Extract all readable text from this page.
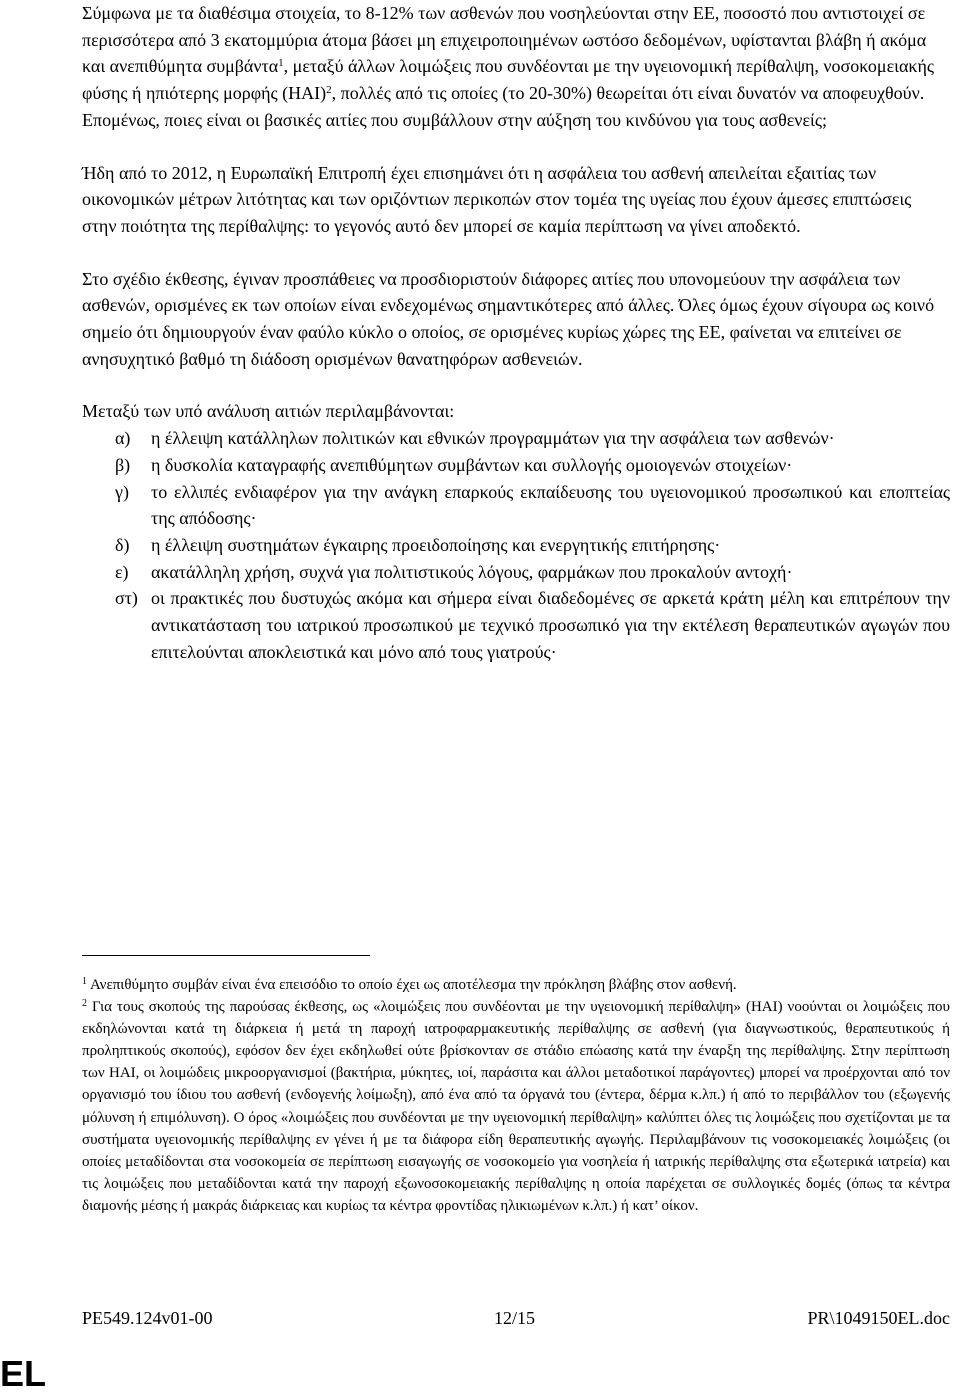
Σύμφωνα με τα διαθέσιμα στοιχεία, το 8-12% των ασθενών που νοσηλεύονται στην ΕΕ, ποσοστό που αντιστοιχεί σε περισσότερα από 3 εκατομμύρια άτομα βάσει μη επιχειροποιημένων ωστόσο δεδομένων, υφίστανται βλάβη ή ακόμα και ανεπιθύμητα συμβάντα$^1$, μεταξύ άλλων λοιμώξεις που συνδέονται με την υγειονομική περίθαλψη, νοσοκομειακής φύσης ή ηπιότερης μορφής (HAI)$^2$, πολλές από τις οποίες (το 20-30%) θεωρείται ότι είναι δυνατόν να αποφευχθούν.

Επομένως, ποιες είναι οι βασικές αιτίες που συμβάλλουν στην αύξηση του κινδύνου για τους ασθενείς;

Ήδη από το 2012, η Ευρωπαϊκή Επιτροπή έχει επισημάνει ότι η ασφάλεια του ασθενή απειλείται εξαιτίας των οικονομικών μέτρων λιτότητας και των οριζόντιων περικοπών στον τομέα της υγείας που έχουν άμεσες επιπτώσεις στην ποιότητα της περίθαλψης: το γεγονός αυτό δεν μπορεί σε καμία περίπτωση να γίνει αποδεκτό.

Στο σχέδιο έκθεσης, έγιναν προσπάθειες να προσδιοριστούν διάφορες αιτίες που υπονομεύουν την ασφάλεια των ασθενών, ορισμένες εκ των οποίων είναι ενδεχομένως σημαντικότερες από άλλες. Όλες όμως έχουν σίγουρα ως κοινό σημείο ότι δημιουργούν έναν φαύλο κύκλο ο οποίος, σε ορισμένες κυρίως χώρες της ΕΕ, φαίνεται να επιτείνει σε ανησυχητικό βαθμό τη διάδοση ορισμένων θανατηφόρων ασθενειών.

Μεταξύ των υπό ανάλυση αιτιών περιλαμβάνονται:

α)	η έλλειψη κατάλληλων πολιτικών και εθνικών προγραμμάτων για την ασφάλεια των ασθενών·
β)	η δυσκολία καταγραφής ανεπιθύμητων συμβάντων και συλλογής ομοιογενών στοιχείων·
γ)	το ελλιπές ενδιαφέρον για την ανάγκη επαρκούς εκπαίδευσης του υγειονομικού προσωπικού και εποπτείας της απόδοσης·
δ)	η έλλειψη συστημάτων έγκαιρης προειδοποίησης και ενεργητικής επιτήρησης·
ε)	ακατάλληλη χρήση, συχνά για πολιτιστικούς λόγους, φαρμάκων που προκαλούν αντοχή·
στ) οι πρακτικές που δυστυχώς ακόμα και σήμερα είναι διαδεδομένες σε αρκετά κράτη μέλη και επιτρέπουν την αντικατάσταση του ιατρικού προσωπικού με τεχνικό προσωπικό για την εκτέλεση θεραπευτικών αγωγών που επιτελούνται αποκλειστικά και μόνο από τους γιατρούς·

$^1$ Ανεπιθύμητο συμβάν είναι ένα επεισόδιο το οποίο έχει ως αποτέλεσμα την πρόκληση βλάβης στον ασθενή.

$^2$ Για τους σκοπούς της παρούσας έκθεσης, ως «λοιμώξεις που συνδέονται με την υγειονομική περίθαλψη» (HAI) νοούνται οι λοιμώξεις που εκδηλώνονται κατά τη διάρκεια ή μετά τη παροχή ιατροφαρμακευτικής περίθαλψης σε ασθενή (για διαγνωστικούς, θεραπευτικούς ή προληπτικούς σκοπούς), εφόσον δεν έχει εκδηλωθεί ούτε βρίσκονταν σε στάδιο επώασης κατά την έναρξη της περίθαλψης. Στην περίπτωση των HAI, οι λοιμώδεις μικροοργανισμοί (βακτήρια, μύκητες, ιοί, παράσιτα και άλλοι μεταδοτικοί παράγοντες) μπορεί να προέρχονται από τον οργανισμό του ίδιου του ασθενή (ενδογενής λοίμωξη), από ένα από τα όργανά του (έντερα, δέρμα κ.λπ.) ή από το περιβάλλον του (εξωγενής μόλυνση ή επιμόλυνση). Ο όρος «λοιμώξεις που συνδέονται με την υγειονομική περίθαλψη» καλύπτει όλες τις λοιμώξεις που σχετίζονται με τα συστήματα υγειονομικής περίθαλψης εν γένει ή με τα διάφορα είδη θεραπευτικής αγωγής. Περιλαμβάνουν τις νοσοκομειακές λοιμώξεις (οι οποίες μεταδίδονται στα νοσοκομεία σε περίπτωση εισαγωγής σε νοσοκομείο για νοσηλεία ή ιατρικής περίθαλψης στα εξωτερικά ιατρεία) και τις λοιμώξεις που μεταδίδονται κατά την παροχή εξωνοσοκομειακής περίθαλψης η οποία παρέχεται σε συλλογικές δομές (όπως τα κέντρα διαμονής μέσης ή μακράς διάρκειας και κυρίως τα κέντρα φροντίδας ηλικιωμένων κ.λπ.) ή κατ’ οίκον.

PE549.124v01-00	12/15	PR\1049150EL.doc
EL
